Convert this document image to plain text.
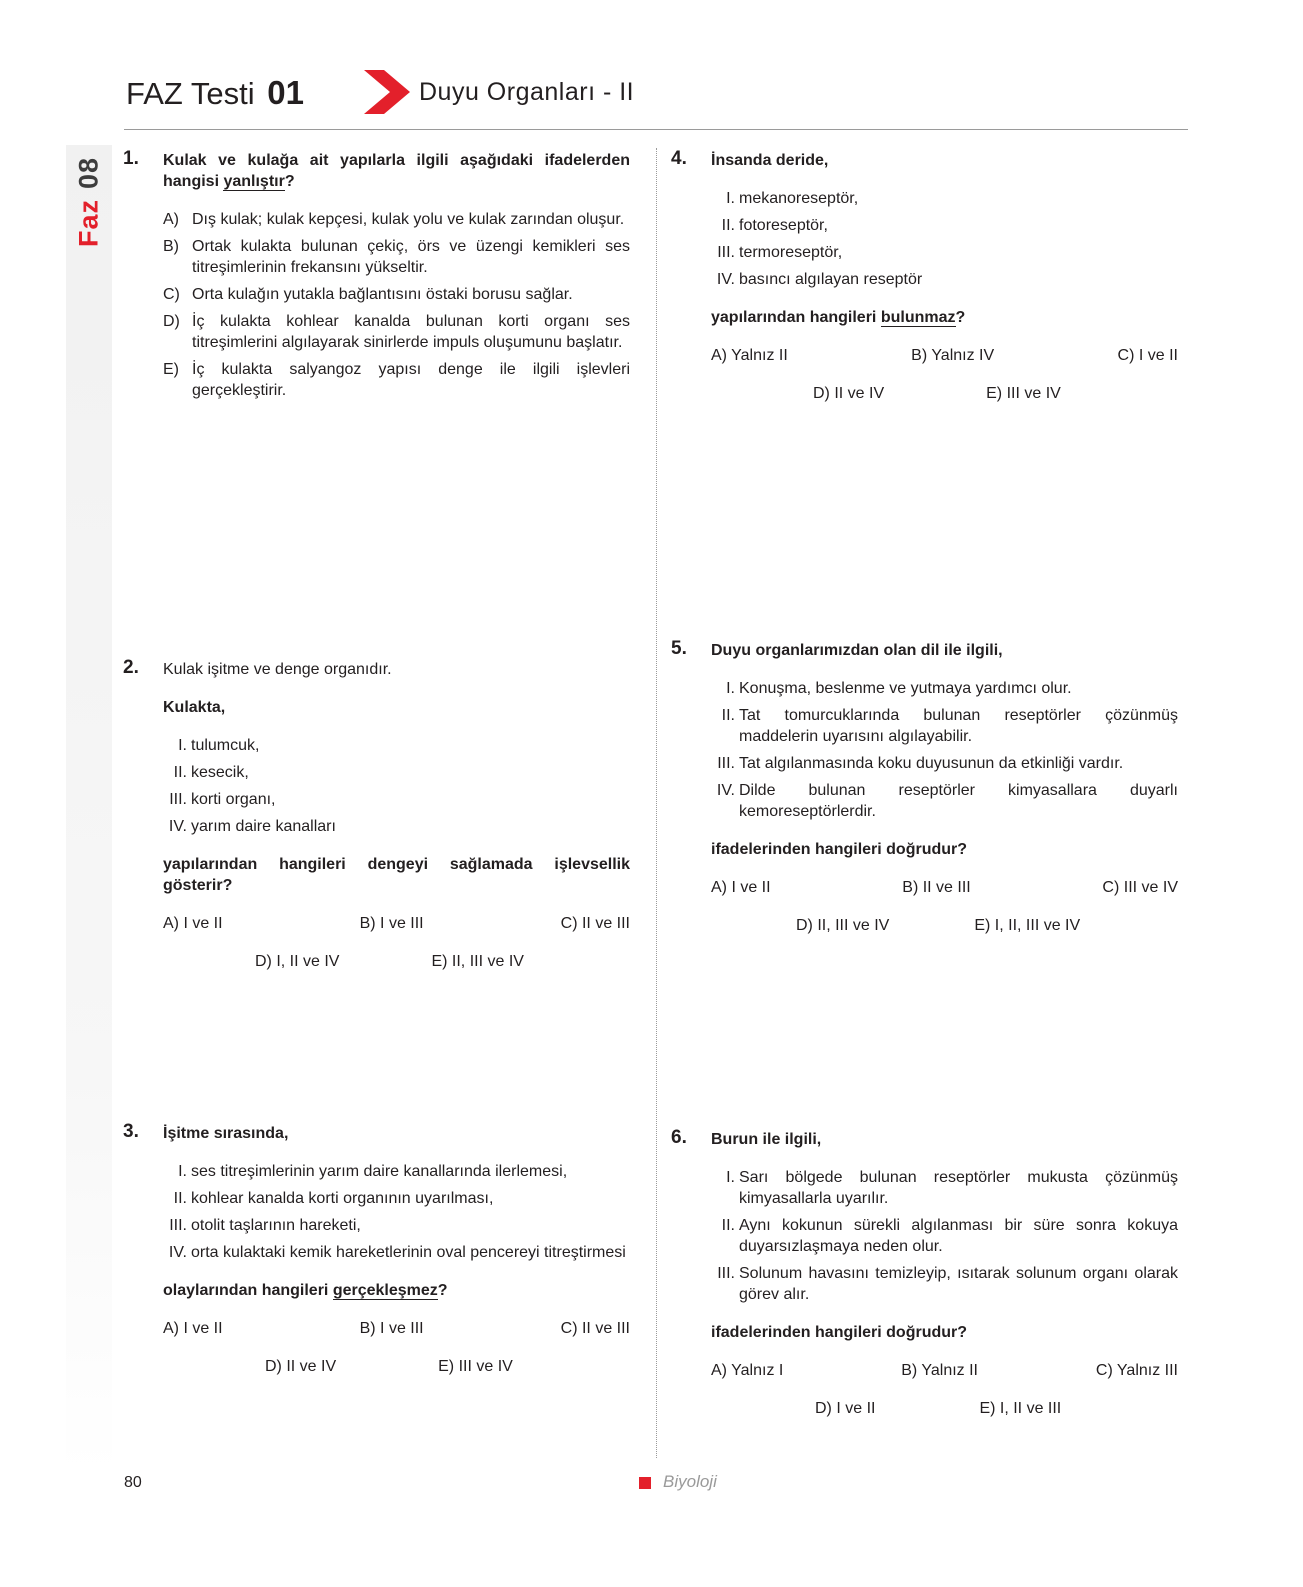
Faz08
FAZ Testi 01	Duyu Organları - II
1. Kulak ve kulağa ait yapılarla ilgili aşağıdaki ifadelerden hangisi yanlıştır?
A) Dış kulak; kulak kepçesi, kulak yolu ve kulak zarından oluşur.
B) Ortak kulakta bulunan çekiç, örs ve üzengi kemikleri ses titreşimlerinin frekansını yükseltir.
C) Orta kulağın yutakla bağlantısını östaki borusu sağlar.
D) İç kulakta kohlear kanalda bulunan korti organı ses titreşimlerini algılayarak sinirlerde impuls oluşumunu başlatır.
E) İç kulakta salyangoz yapısı denge ile ilgili işlevleri gerçekleştirir.
2. Kulak işitme ve denge organıdır.
Kulakta,
I. tulumcuk,
II. kesecik,
III. korti organı,
IV. yarım daire kanalları
yapılarından hangileri dengeyi sağlamada işlevsellik gösterir?
A) I ve II	B) I ve III	C) II ve III
D) I, II ve IV	E) II, III ve IV
3. İşitme sırasında,
I. ses titreşimlerinin yarım daire kanallarında ilerlemesi,
II. kohlear kanalda korti organının uyarılması,
III. otolit taşlarının hareketi,
IV. orta kulaktaki kemik hareketlerinin oval pencereyi titreştirmesi
olaylarından hangileri gerçekleşmez?
A) I ve II	B) I ve III	C) II ve III
D) II ve IV	E) III ve IV
4. İnsanda deride,
I. mekanoreseptör,
II. fotoreseptör,
III. termoreseptör,
IV. basıncı algılayan reseptör
yapılarından hangileri bulunmaz?
A) Yalnız II	B) Yalnız IV	C) I ve II
D) II ve IV	E) III ve IV
5. Duyu organlarımızdan olan dil ile ilgili,
I. Konuşma, beslenme ve yutmaya yardımcı olur.
II. Tat tomurcuklarında bulunan reseptörler çözünmüş maddelerin uyarısını algılayabilir.
III. Tat algılanmasında koku duyusunun da etkinliği vardır.
IV. Dilde bulunan reseptörler kimyasallara duyarlı kemoreseptörlerdir.
ifadelerinden hangileri doğrudur?
A) I ve II	B) II ve III	C) III ve IV
D) II, III ve IV	E) I, II, III ve IV
6. Burun ile ilgili,
I. Sarı bölgede bulunan reseptörler mukusta çözünmüş kimyasallarla uyarılır.
II. Aynı kokunun sürekli algılanması bir süre sonra kokuya duyarsızlaşmaya neden olur.
III. Solunum havasını temizleyip, ısıtarak solunum organı olarak görev alır.
ifadelerinden hangileri doğrudur?
A) Yalnız I	B) Yalnız II	C) Yalnız III
D) I ve II	E) I, II ve III
80	Biyoloji
